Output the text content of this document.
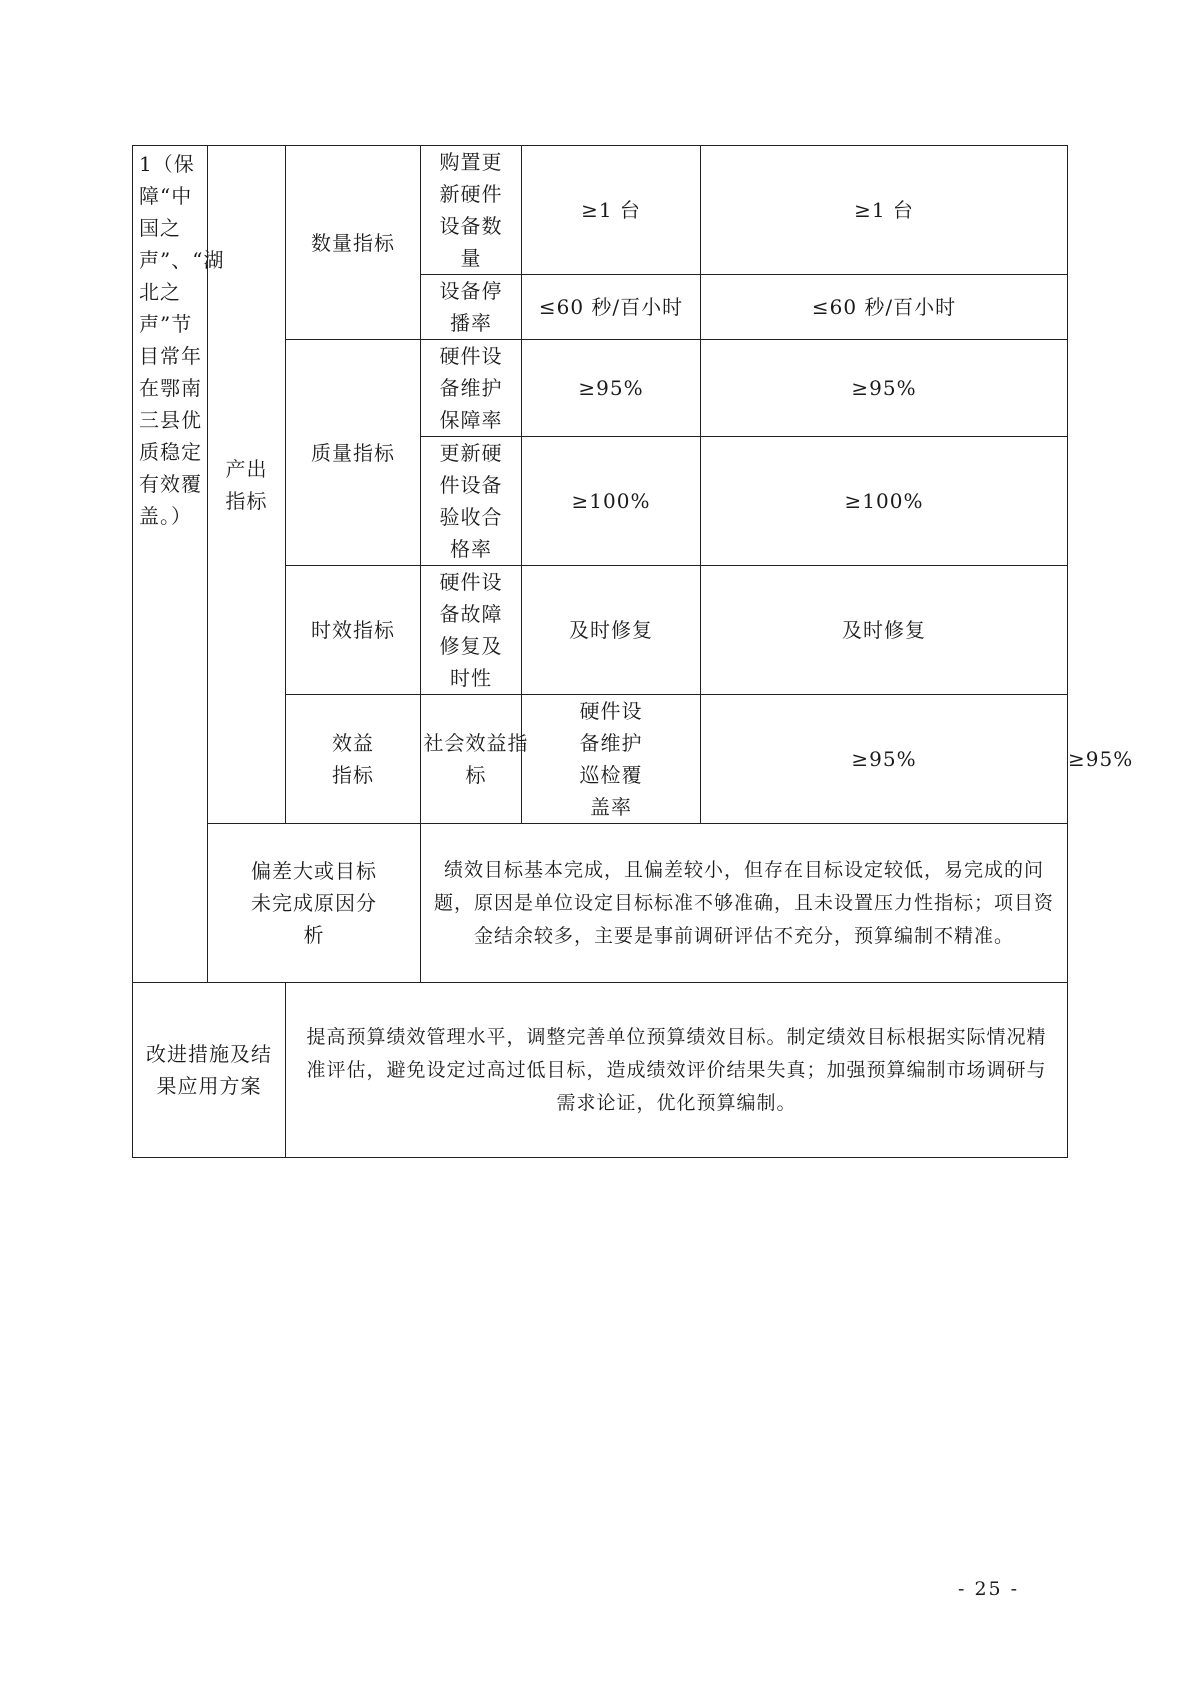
1（保障“中国之声”、“湖北之声”节目常年在鄂南三县优质稳定有效覆盖。）	产出指标	数量指标	购置更新硬件设备数量	≥1 台	≥1 台	
			设备停播率	≤60 秒/百小时	≤60 秒/百小时	
		质量指标	硬件设备维护保障率	≥95%	≥95%	
			更新硬件设备验收合格率	≥100%	≥100%	
		时效指标	硬件设备故障修复及时性	及时修复	及时修复	
		效益指标	社会效益指标	硬件设备维护巡检覆盖率	≥95%	≥95%
	偏差大或目标未完成原因分析		绩效目标基本完成，且偏差较小，但存在目标设定较低，易完成的问题，原因是单位设定目标标准不够准确，且未设置压力性指标；项目资金结余较多，主要是事前调研评估不充分，预算编制不精准。			
改进措施及结果应用方案		提高预算绩效管理水平，调整完善单位预算绩效目标。制定绩效目标根据实际情况精准评估，避免设定过高过低目标，造成绩效评价结果失真；加强预算编制市场调研与需求论证，优化预算编制。				
- 25 -
